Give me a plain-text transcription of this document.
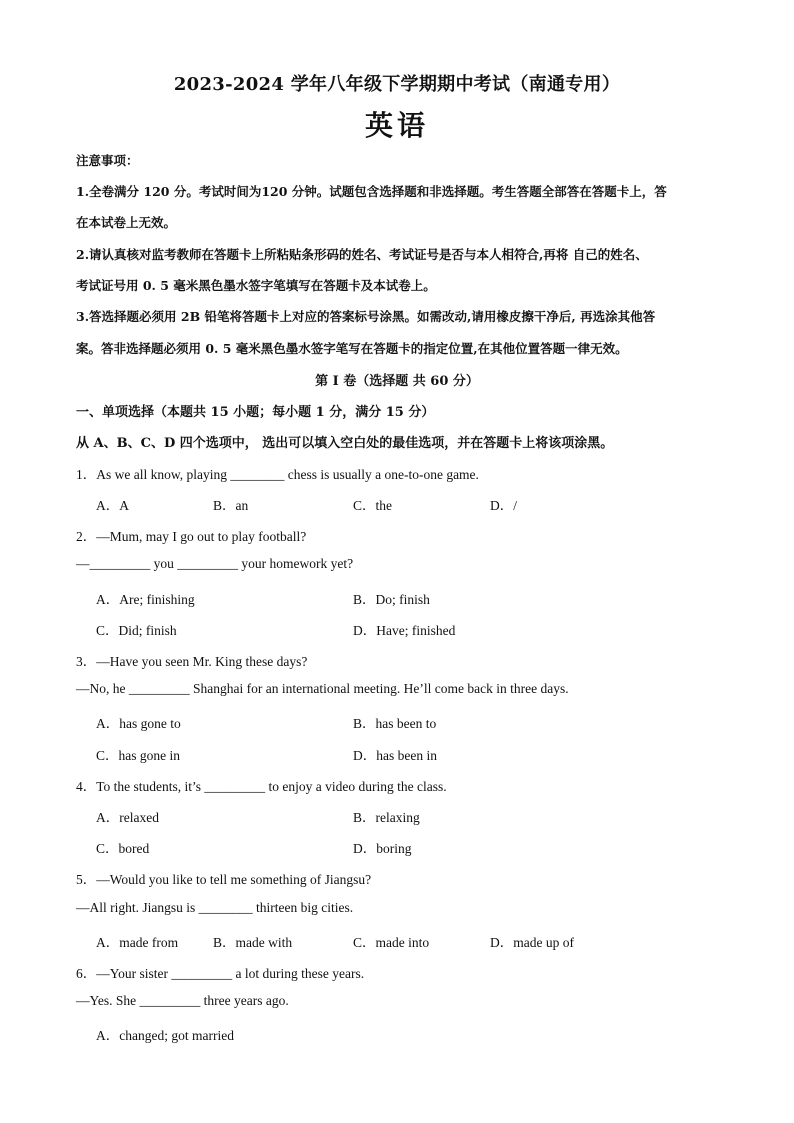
2023-2024 学年八年级下学期期中考试（南通专用）
英语
注意事项：
1.全卷满分 120 分。考试时间为120 分钟。试题包含选择题和非选择题。考生答题全部答在答题卡上，答
在本试卷上无效。
2.请认真核对监考教师在答题卡上所粘贴条形码的姓名、考试证号是否与本人相符合,再将 自己的姓名、
考试证号用 0. 5 毫米黑色墨水签字笔填写在答题卡及本试卷上。
3.答选择题必须用 2B 铅笔将答题卡上对应的答案标号涂黑。如需改动,请用橡皮擦干净后, 再选涂其他答
案。答非选择题必须用 0. 5 毫米黑色墨水签字笔写在答题卡的指定位置,在其他位置答题一律无效。
第 I 卷（选择题 共 60 分）
一、单项选择（本题共 15 小题；每小题 1 分，满分 15 分）
从 A、B、C、D 四个选项中， 选出可以填入空白处的最佳选项，并在答题卡上将该项涂黑。
1．As we all know, playing ________ chess is usually a one-to-one game.
A．A	B．an	C．the	D．/
2．—Mum, may I go out to play football?
—_________ you _________ your homework yet?
A．Are; finishing	B．Do; finish
C．Did; finish	D．Have; finished
3．—Have you seen Mr. King these days?
—No, he _________ Shanghai for an international meeting. He’ll come back in three days.
A．has gone to	B．has been to
C．has gone in	D．has been in
4．To the students, it’s _________ to enjoy a video during the class.
A．relaxed	B．relaxing
C．bored	D．boring
5．—Would you like to tell me something of Jiangsu?
—All right. Jiangsu is ________ thirteen big cities.
A．made from	B．made with	C．made into	D．made up of
6．—Your sister _________ a lot during these years.
—Yes. She _________ three years ago.
A．changed; got married
